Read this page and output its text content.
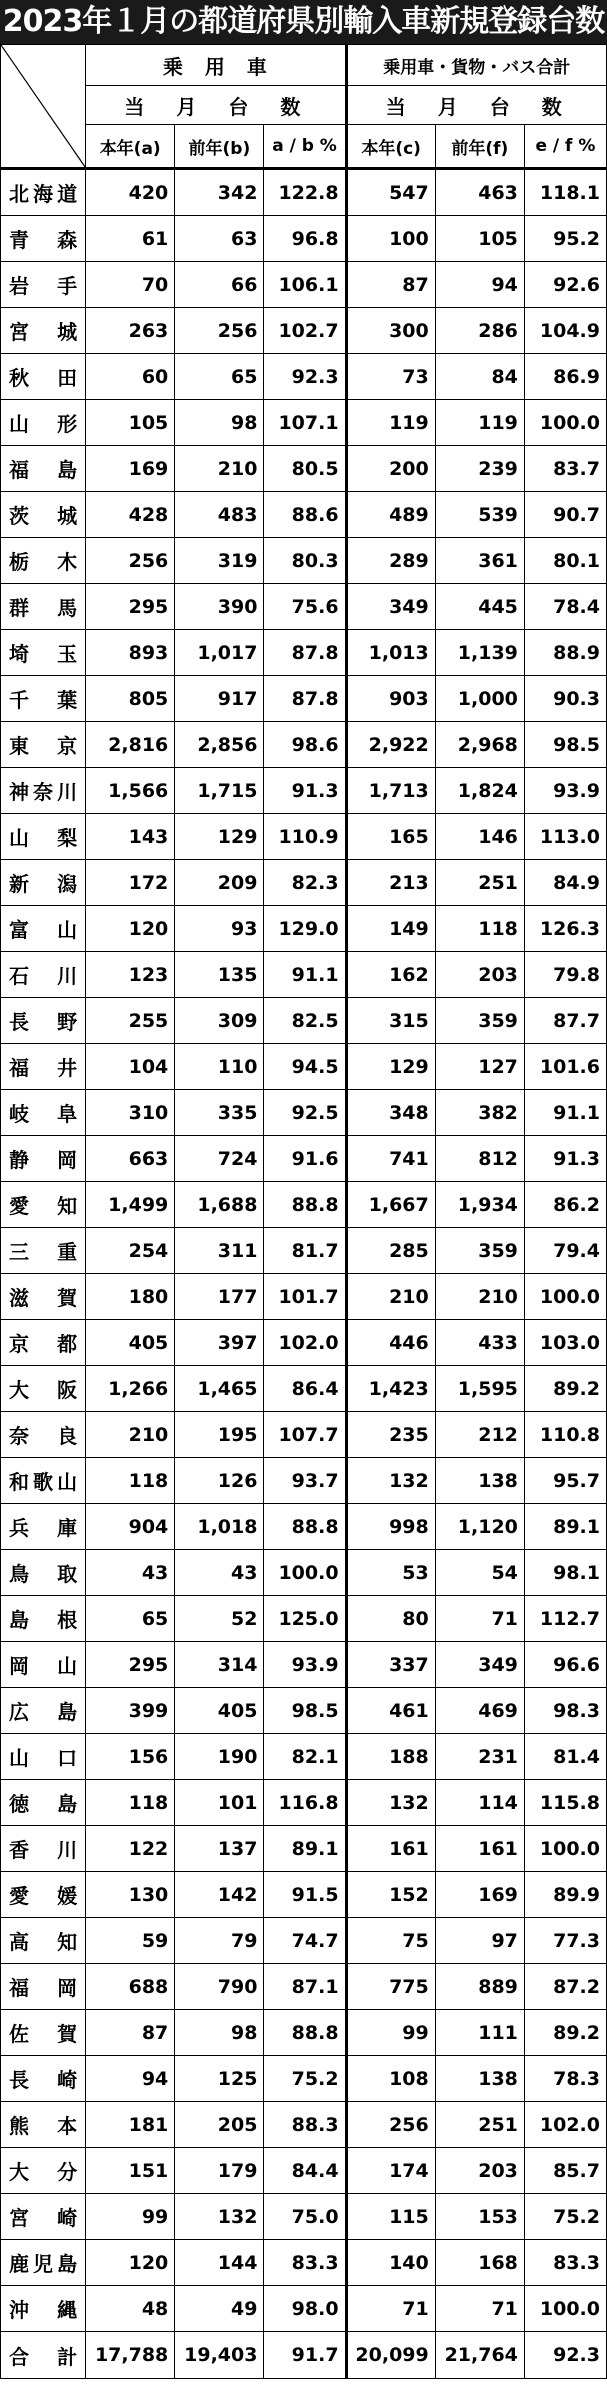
2023年１月の都道府県別輸入車新規登録台数
	乗　用　車			乗用車・貨物・バス合計		
	当　月　台　数			当　月　台　数		
	本年(a)	前年(b)	a / b %	本年(c)	前年(f)	e / f %
北海道	420	342	122.8	547	463	118.1
青森	61	63	96.8	100	105	95.2
岩手	70	66	106.1	87	94	92.6
宮城	263	256	102.7	300	286	104.9
秋田	60	65	92.3	73	84	86.9
山形	105	98	107.1	119	119	100.0
福島	169	210	80.5	200	239	83.7
茨城	428	483	88.6	489	539	90.7
栃木	256	319	80.3	289	361	80.1
群馬	295	390	75.6	349	445	78.4
埼玉	893	1,017	87.8	1,013	1,139	88.9
千葉	805	917	87.8	903	1,000	90.3
東京	2,816	2,856	98.6	2,922	2,968	98.5
神奈川	1,566	1,715	91.3	1,713	1,824	93.9
山梨	143	129	110.9	165	146	113.0
新潟	172	209	82.3	213	251	84.9
富山	120	93	129.0	149	118	126.3
石川	123	135	91.1	162	203	79.8
長野	255	309	82.5	315	359	87.7
福井	104	110	94.5	129	127	101.6
岐阜	310	335	92.5	348	382	91.1
静岡	663	724	91.6	741	812	91.3
愛知	1,499	1,688	88.8	1,667	1,934	86.2
三重	254	311	81.7	285	359	79.4
滋賀	180	177	101.7	210	210	100.0
京都	405	397	102.0	446	433	103.0
大阪	1,266	1,465	86.4	1,423	1,595	89.2
奈良	210	195	107.7	235	212	110.8
和歌山	118	126	93.7	132	138	95.7
兵庫	904	1,018	88.8	998	1,120	89.1
鳥取	43	43	100.0	53	54	98.1
島根	65	52	125.0	80	71	112.7
岡山	295	314	93.9	337	349	96.6
広島	399	405	98.5	461	469	98.3
山口	156	190	82.1	188	231	81.4
徳島	118	101	116.8	132	114	115.8
香川	122	137	89.1	161	161	100.0
愛媛	130	142	91.5	152	169	89.9
高知	59	79	74.7	75	97	77.3
福岡	688	790	87.1	775	889	87.2
佐賀	87	98	88.8	99	111	89.2
長崎	94	125	75.2	108	138	78.3
熊本	181	205	88.3	256	251	102.0
大分	151	179	84.4	174	203	85.7
宮崎	99	132	75.0	115	153	75.2
鹿児島	120	144	83.3	140	168	83.3
沖縄	48	49	98.0	71	71	100.0
合計	17,788	19,403	91.7	20,099	21,764	92.3
